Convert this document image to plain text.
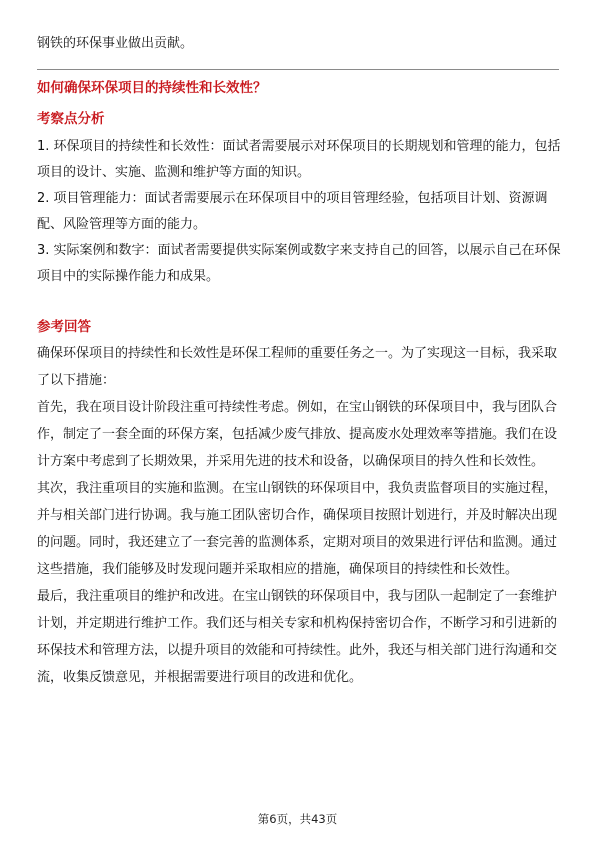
钢铁的环保事业做出贡献。
如何确保环保项目的持续性和长效性？
考察点分析
1. 环保项目的持续性和长效性：面试者需要展示对环保项目的长期规划和管理的能力，包括项目的设计、实施、监测和维护等方面的知识。
2. 项目管理能力：面试者需要展示在环保项目中的项目管理经验，包括项目计划、资源调配、风险管理等方面的能力。
3. 实际案例和数字：面试者需要提供实际案例或数字来支持自己的回答，以展示自己在环保项目中的实际操作能力和成果。
参考回答

确保环保项目的持续性和长效性是环保工程师的重要任务之一。为了实现这一目标，我采取了以下措施：

首先，我在项目设计阶段注重可持续性考虑。例如，在宝山钢铁的环保项目中，我与团队合作，制定了一套全面的环保方案，包括减少废气排放、提高废水处理效率等措施。我们在设计方案中考虑到了长期效果，并采用先进的技术和设备，以确保项目的持久性和长效性。

其次，我注重项目的实施和监测。在宝山钢铁的环保项目中，我负责监督项目的实施过程，并与相关部门进行协调。我与施工团队密切合作，确保项目按照计划进行，并及时解决出现的问题。同时，我还建立了一套完善的监测体系，定期对项目的效果进行评估和监测。通过这些措施，我们能够及时发现问题并采取相应的措施，确保项目的持续性和长效性。

最后，我注重项目的维护和改进。在宝山钢铁的环保项目中，我与团队一起制定了一套维护计划，并定期进行维护工作。我们还与相关专家和机构保持密切合作，不断学习和引进新的环保技术和管理方法，以提升项目的效能和可持续性。此外，我还与相关部门进行沟通和交流，收集反馈意见，并根据需要进行项目的改进和优化。

第6页，共43页
